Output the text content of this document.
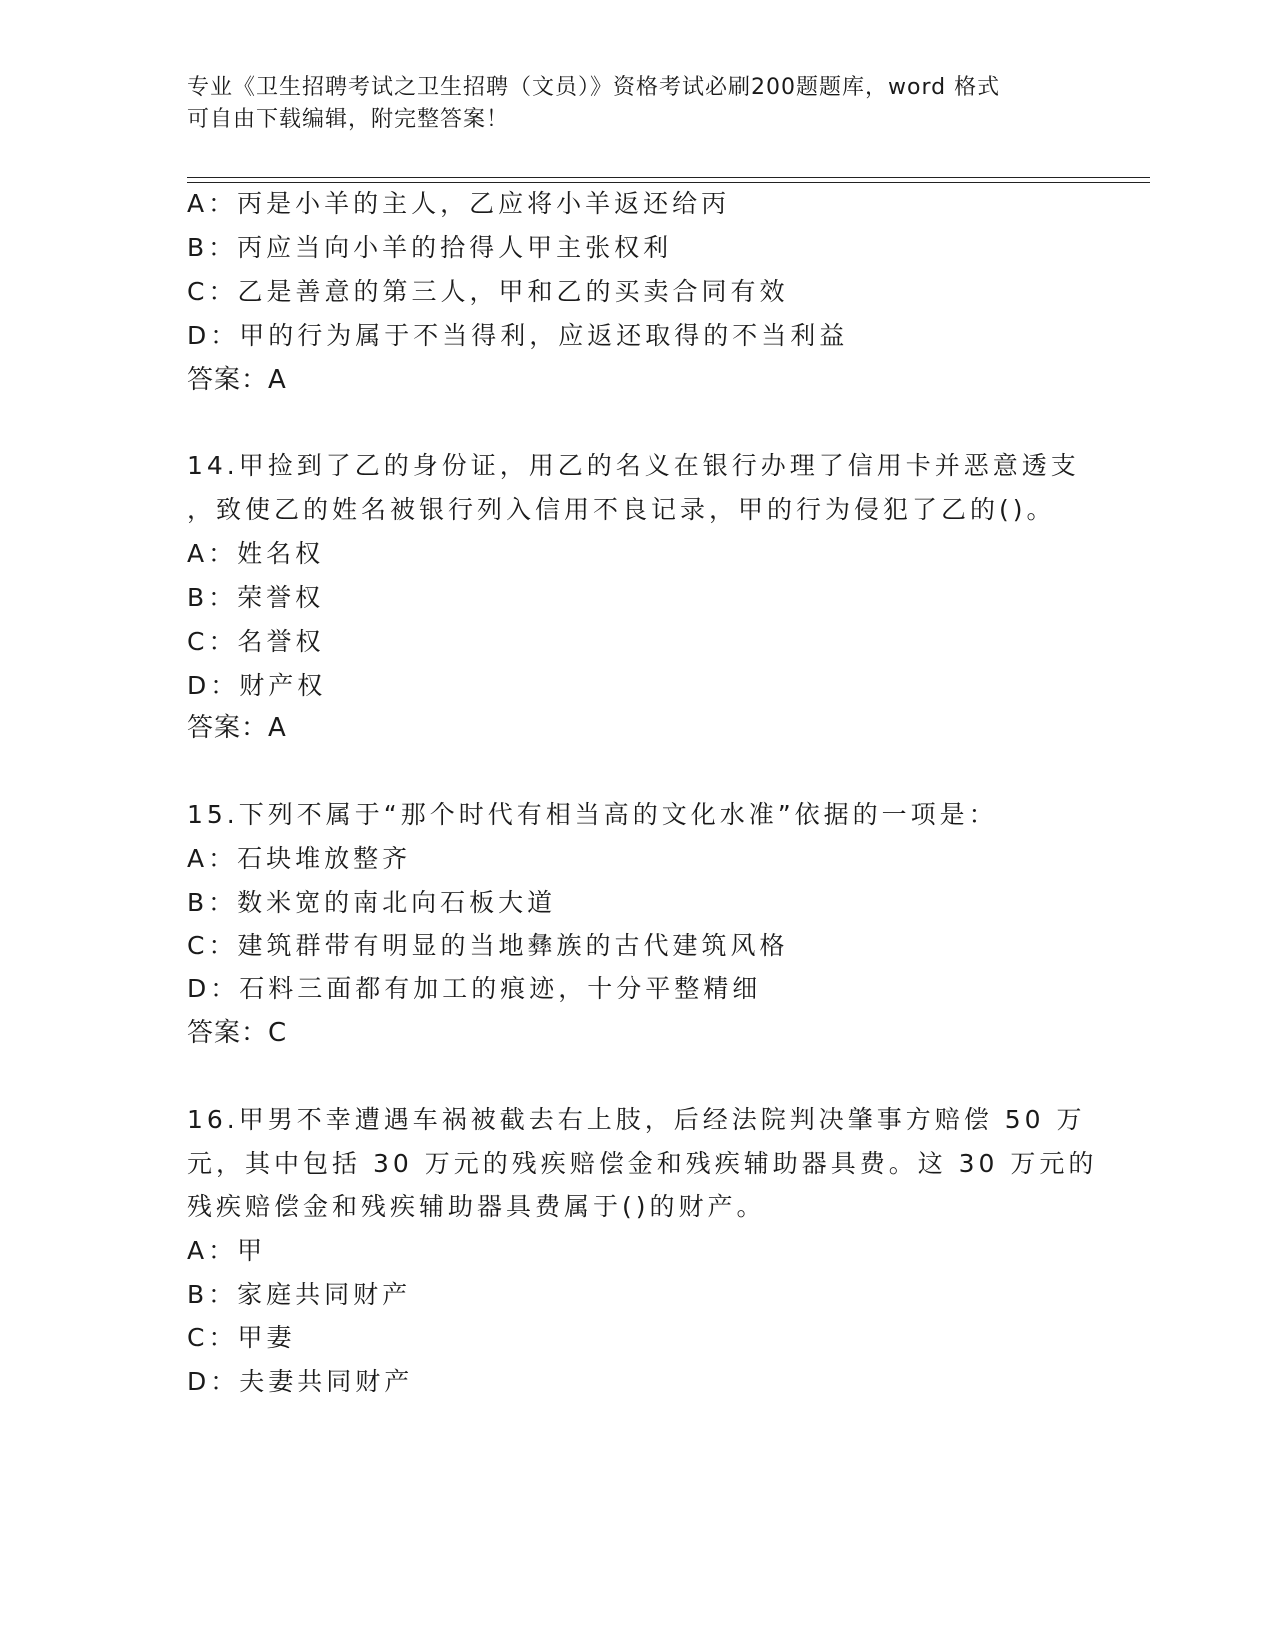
专业《卫生招聘考试之卫生招聘（文员）》资格考试必刷200题题库，word 格式
可自由下载编辑，附完整答案！
A：丙是小羊的主人，乙应将小羊返还给丙
B：丙应当向小羊的拾得人甲主张权利
C：乙是善意的第三人，甲和乙的买卖合同有效
D：甲的行为属于不当得利，应返还取得的不当利益
答案：A
14.甲捡到了乙的身份证，用乙的名义在银行办理了信用卡并恶意透支
，致使乙的姓名被银行列入信用不良记录，甲的行为侵犯了乙的()。
A：姓名权
B：荣誉权
C：名誉权
D：财产权
答案：A
15.下列不属于“那个时代有相当高的文化水准”依据的一项是：
A：石块堆放整齐
B：数米宽的南北向石板大道
C：建筑群带有明显的当地彝族的古代建筑风格
D：石料三面都有加工的痕迹，十分平整精细
答案：C
16.甲男不幸遭遇车祸被截去右上肢，后经法院判决肇事方赔偿 50 万
元，其中包括 30 万元的残疾赔偿金和残疾辅助器具费。这 30 万元的
残疾赔偿金和残疾辅助器具费属于()的财产。
A：甲
B：家庭共同财产
C：甲妻
D：夫妻共同财产
